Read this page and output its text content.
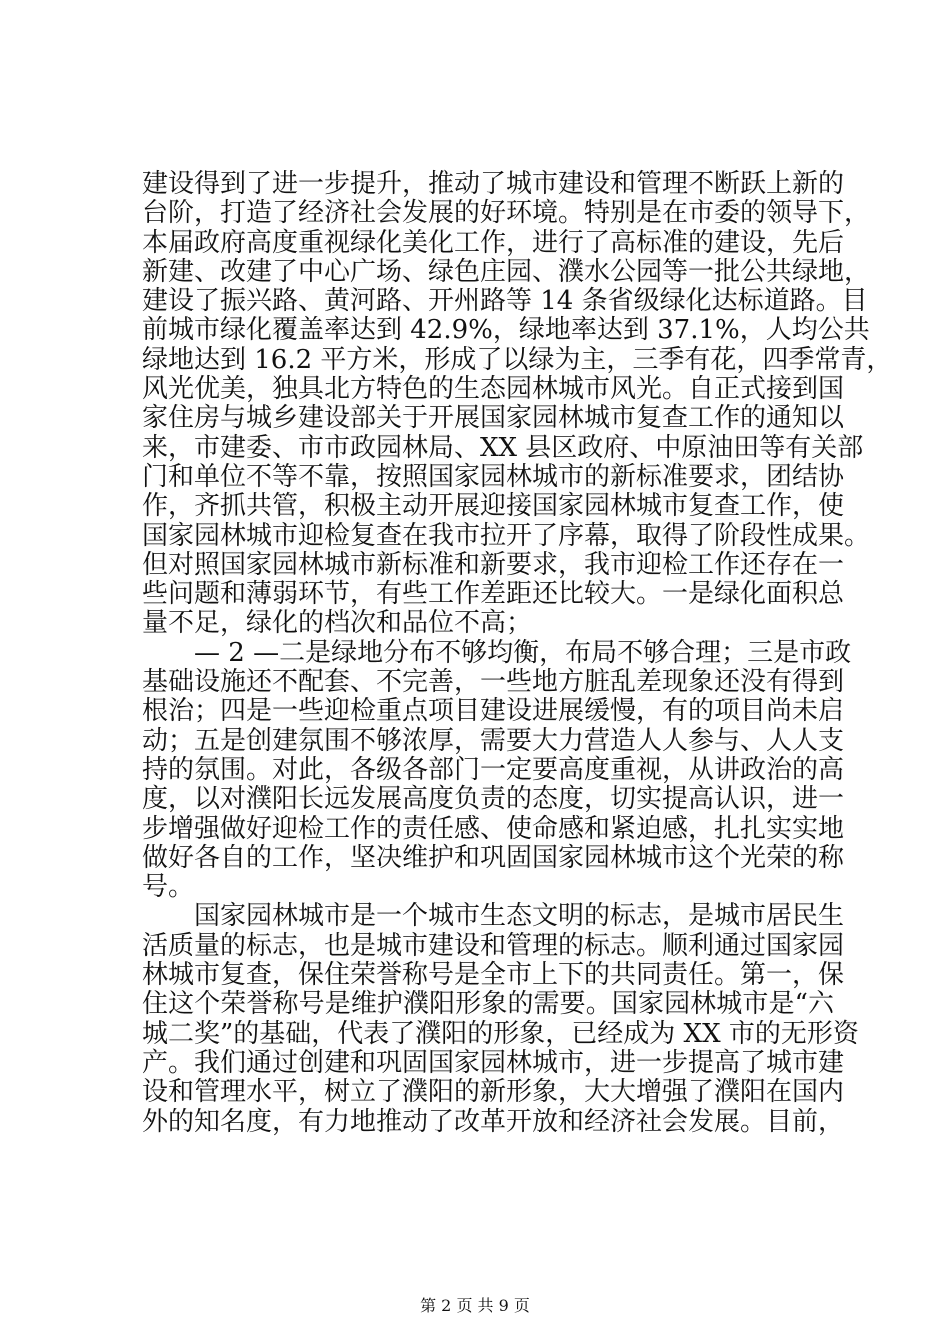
建设得到了进一步提升，推动了城市建设和管理不断跃上新的
台阶，打造了经济社会发展的好环境。特别是在市委的领导下，
本届政府高度重视绿化美化工作，进行了高标准的建设，先后
新建、改建了中心广场、绿色庄园、濮水公园等一批公共绿地，
建设了振兴路、黄河路、开州路等 14 条省级绿化达标道路。目
前城市绿化覆盖率达到 42.9%，绿地率达到 37.1%，人均公共
绿地达到 16.2 平方米，形成了以绿为主，三季有花，四季常青，
风光优美，独具北方特色的生态园林城市风光。自正式接到国
家住房与城乡建设部关于开展国家园林城市复查工作的通知以
来，市建委、市市政园林局、XX 县区政府、中原油田等有关部
门和单位不等不靠，按照国家园林城市的新标准要求，团结协
作，齐抓共管，积极主动开展迎接国家园林城市复查工作，使
国家园林城市迎检复查在我市拉开了序幕，取得了阶段性成果。
但对照国家园林城市新标准和新要求，我市迎检工作还存在一
些问题和薄弱环节，有些工作差距还比较大。一是绿化面积总
量不足，绿化的档次和品位不高；
　　— 2 —二是绿地分布不够均衡，布局不够合理；三是市政
基础设施还不配套、不完善，一些地方脏乱差现象还没有得到
根治；四是一些迎检重点项目建设进展缓慢，有的项目尚未启
动；五是创建氛围不够浓厚，需要大力营造人人参与、人人支
持的氛围。对此，各级各部门一定要高度重视，从讲政治的高
度，以对濮阳长远发展高度负责的态度，切实提高认识，进一
步增强做好迎检工作的责任感、使命感和紧迫感，扎扎实实地
做好各自的工作，坚决维护和巩固国家园林城市这个光荣的称
号。
　　国家园林城市是一个城市生态文明的标志，是城市居民生
活质量的标志，也是城市建设和管理的标志。顺利通过国家园
林城市复查，保住荣誉称号是全市上下的共同责任。第一，保
住这个荣誉称号是维护濮阳形象的需要。国家园林城市是“六
城二奖”的基础，代表了濮阳的形象，已经成为 XX 市的无形资
产。我们通过创建和巩固国家园林城市，进一步提高了城市建
设和管理水平，树立了濮阳的新形象，大大增强了濮阳在国内
外的知名度，有力地推动了改革开放和经济社会发展。目前，
第 2 页 共 9 页
